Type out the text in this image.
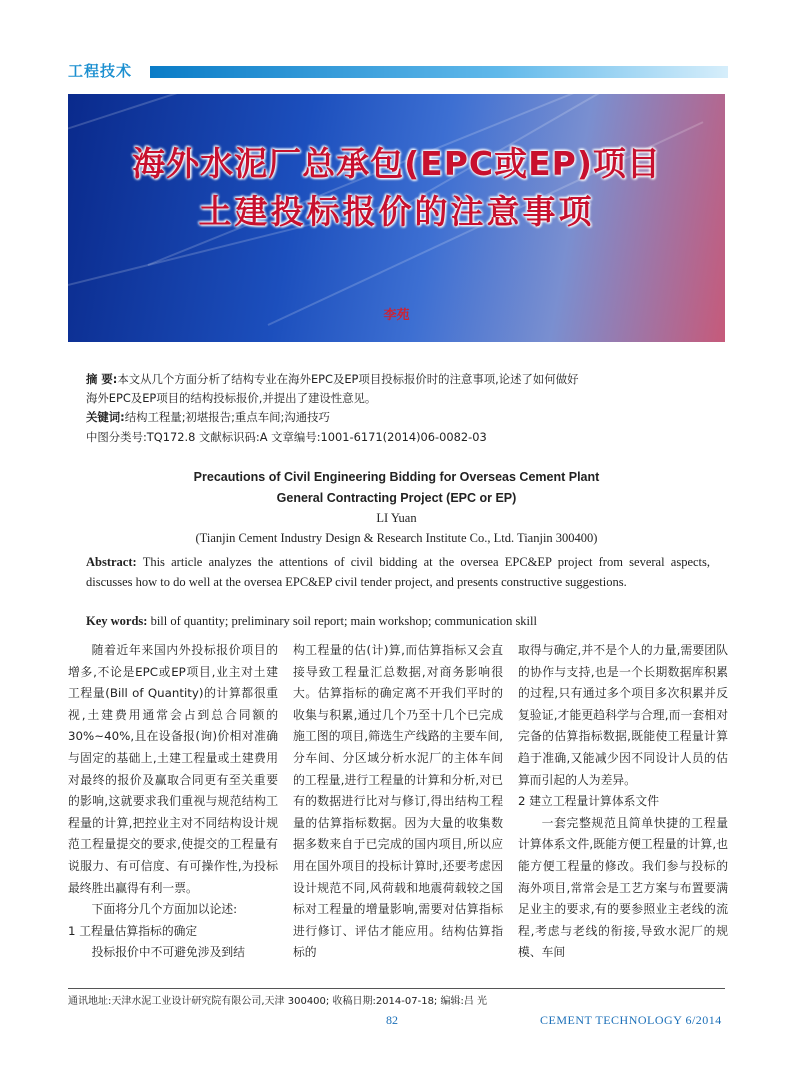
工程技术
海外水泥厂总承包(EPC或EP)项目
土建投标报价的注意事项
李苑
摘 要:本文从几个方面分析了结构专业在海外EPC及EP项目投标报价时的注意事项,论述了如何做好
海外EPC及EP项目的结构投标报价,并提出了建设性意见。
关键词:结构工程量;初堪报告;重点车间;沟通技巧
中图分类号:TQ172.8 文献标识码:A 文章编号:1001-6171(2014)06-0082-03
Precautions of Civil Engineering Bidding for Overseas Cement Plant
General Contracting Project (EPC or EP)
LI Yuan
(Tianjin Cement Industry Design & Research Institute Co., Ltd. Tianjin 300400)
Abstract: This article analyzes the attentions of civil bidding at the oversea EPC&EP project from several aspects, discusses how to do well at the oversea EPC&EP civil tender project, and presents constructive suggestions.
Key words: bill of quantity; preliminary soil report; main workshop; communication skill

随着近年来国内外投标报价项目的增多,不论是EPC或EP项目,业主对土建工程量(Bill of Quantity)的计算都很重视,土建费用通常会占到总合同额的30%~40%,且在设备报(询)价相对准确与固定的基础上,土建工程量或土建费用对最终的报价及赢取合同更有至关重要的影响,这就要求我们重视与规范结构工程量的计算,把控业主对不同结构设计规范工程量提交的要求,使提交的工程量有说服力、有可信度、有可操作性,为投标最终胜出赢得有利一票。

下面将分几个方面加以论述:

1 工程量估算指标的确定

投标报价中不可避免涉及到结

构工程量的估(计)算,而估算指标又会直接导致工程量汇总数据,对商务影响很大。估算指标的确定离不开我们平时的收集与积累,通过几个乃至十几个已完成施工图的项目,筛选生产线路的主要车间,分车间、分区域分析水泥厂的主体车间的工程量,进行工程量的计算和分析,对已有的数据进行比对与修订,得出结构工程量的估算指标数据。因为大量的收集数据多数来自于已完成的国内项目,所以应用在国外项目的投标计算时,还要考虑因设计规范不同,风荷载和地震荷载较之国标对工程量的增量影响,需要对估算指标进行修订、评估才能应用。结构估算指标的

取得与确定,并不是个人的力量,需要团队的协作与支持,也是一个长期数据库积累的过程,只有通过多个项目多次积累并反复验证,才能更趋科学与合理,而一套相对完备的估算指标数据,既能使工程量计算趋于准确,又能减少因不同设计人员的估算而引起的人为差异。

2 建立工程量计算体系文件

一套完整规范且简单快捷的工程量计算体系文件,既能方便工程量的计算,也能方便工程量的修改。我们参与投标的海外项目,常常会是工艺方案与布置要满足业主的要求,有的要参照业主老线的流程,考虑与老线的衔接,导致水泥厂的规模、车间

通讯地址:天津水泥工业设计研究院有限公司,天津 300400; 收稿日期:2014-07-18; 编辑:吕 光
82	CEMENT TECHNOLOGY 6/2014
